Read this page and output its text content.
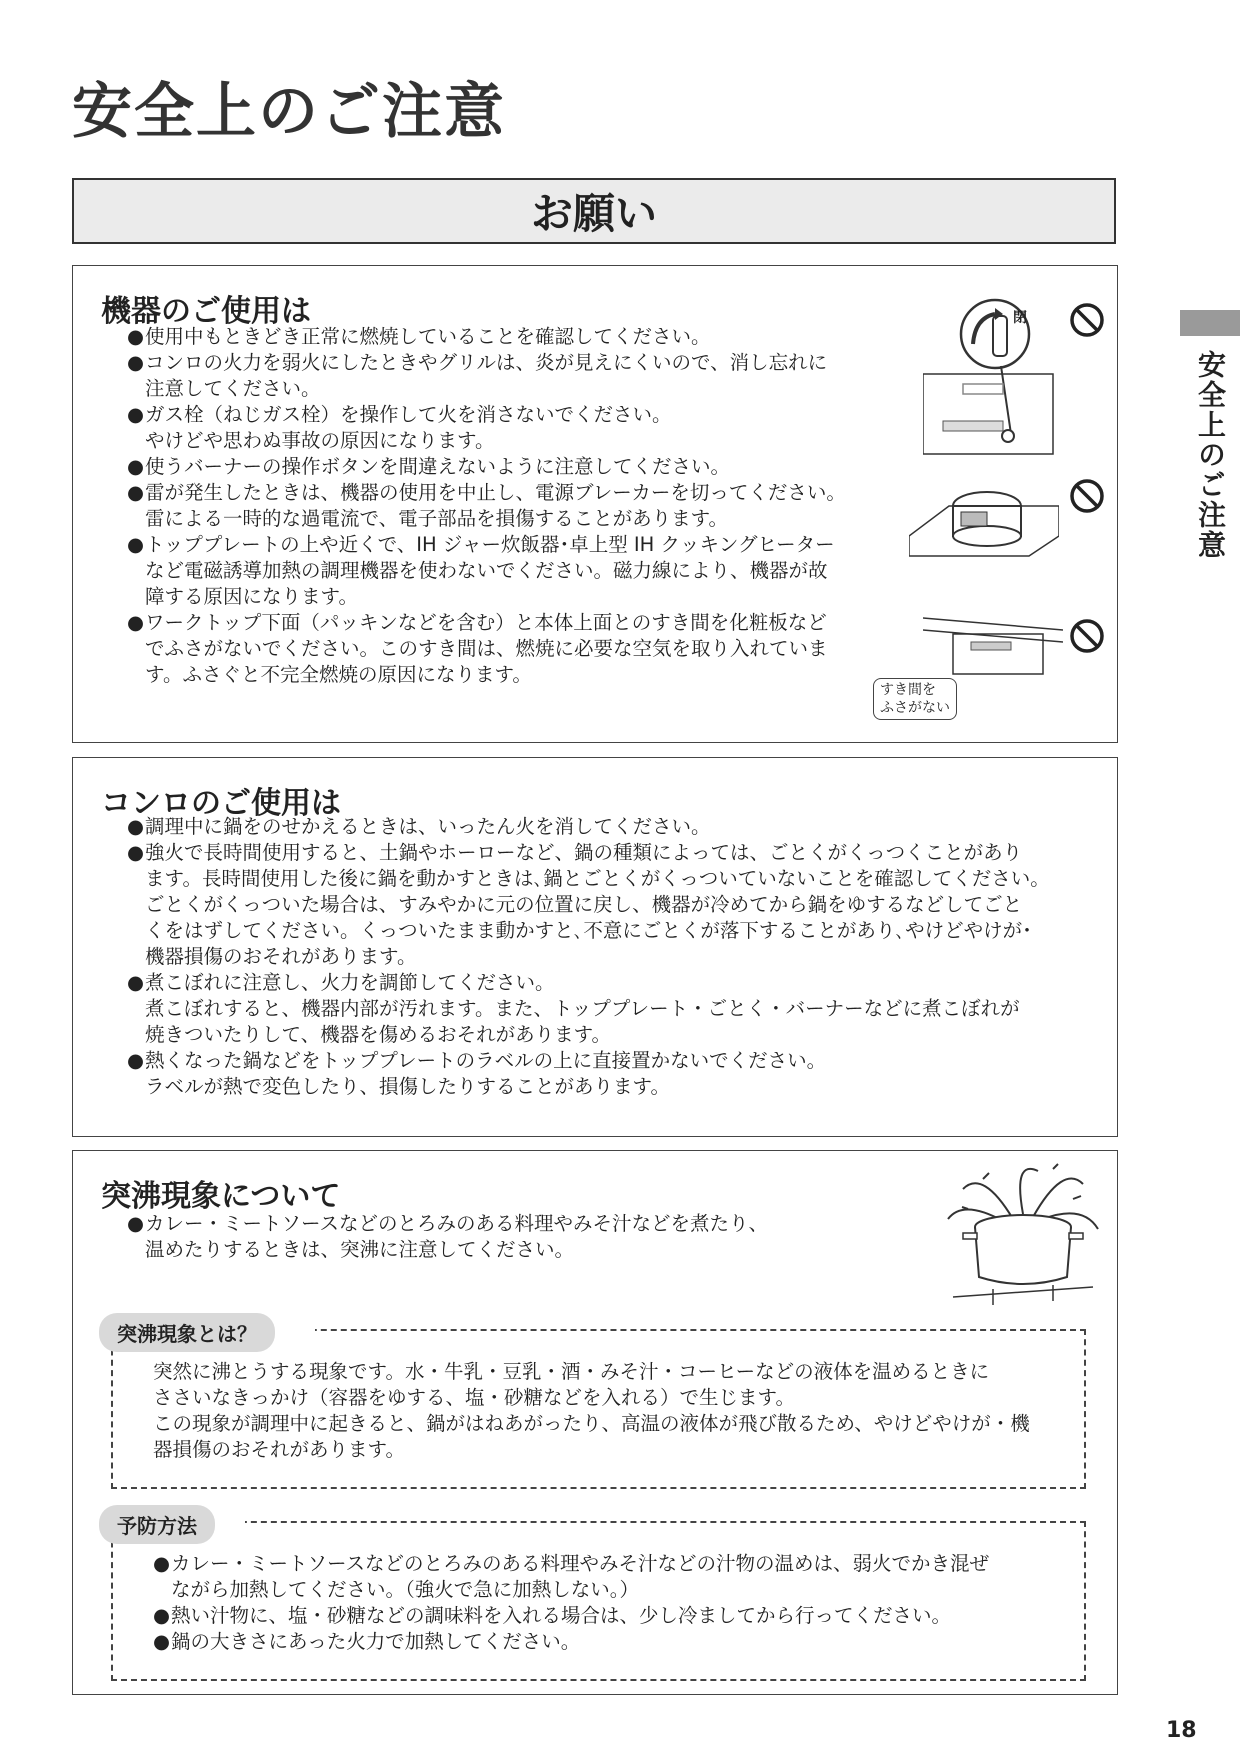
安全上のご注意
お願い
安全上のご注意
機器のご使用は
● 使用中もときどき正常に燃焼していることを確認してください。
● コンロの火力を弱火にしたときやグリルは、炎が見えにくいので、消し忘れに
注意してください。
● ガス栓（ねじガス栓）を操作して火を消さないでください。
やけどや思わぬ事故の原因になります。
● 使うバーナーの操作ボタンを間違えないように注意してください。
● 雷が発生したときは、機器の使用を中止し、電源ブレーカーを切ってください。
雷による一時的な過電流で、電子部品を損傷することがあります。
● トッププレートの上や近くで、IH ジャー炊飯器･卓上型 IH クッキングヒーター
など電磁誘導加熱の調理機器を使わないでください。磁力線により、機器が故
障する原因になります。
● ワークトップ下面（パッキンなどを含む）と本体上面とのすき間を化粧板など
でふさがないでください。このすき間は、燃焼に必要な空気を取り入れていま
す。ふさぐと不完全燃焼の原因になります。
閉
すき間を
ふさがない
コンロのご使用は
● 調理中に鍋をのせかえるときは、いったん火を消してください。
● 強火で長時間使用すると、土鍋やホーローなど、鍋の種類によっては、ごとくがくっつくことがあり
ます。長時間使用した後に鍋を動かすときは､鍋とごとくがくっついていないことを確認してください。
ごとくがくっついた場合は、すみやかに元の位置に戻し、機器が冷めてから鍋をゆするなどしてごと
くをはずしてください。くっついたまま動かすと､不意にごとくが落下することがあり､やけどやけが･
機器損傷のおそれがあります。
● 煮こぼれに注意し、火力を調節してください。
煮こぼれすると、機器内部が汚れます。また、トッププレート・ごとく・バーナーなどに煮こぼれが
焼きついたりして、機器を傷めるおそれがあります。
● 熱くなった鍋などをトッププレートのラベルの上に直接置かないでください。
ラベルが熱で変色したり、損傷したりすることがあります。
突沸現象について
● カレー・ミートソースなどのとろみのある料理やみそ汁などを煮たり、
温めたりするときは、突沸に注意してください。
突沸現象とは？
突然に沸とうする現象です。水・牛乳・豆乳・酒・みそ汁・コーヒーなどの液体を温めるときに
ささいなきっかけ（容器をゆする、塩・砂糖などを入れる）で生じます。
この現象が調理中に起きると、鍋がはねあがったり、高温の液体が飛び散るため、やけどやけが・機
器損傷のおそれがあります。
予防方法
● カレー・ミートソースなどのとろみのある料理やみそ汁などの汁物の温めは、弱火でかき混ぜ
ながら加熱してください。（強火で急に加熱しない。）
● 熱い汁物に、塩・砂糖などの調味料を入れる場合は、少し冷ましてから行ってください。
● 鍋の大きさにあった火力で加熱してください。
18
